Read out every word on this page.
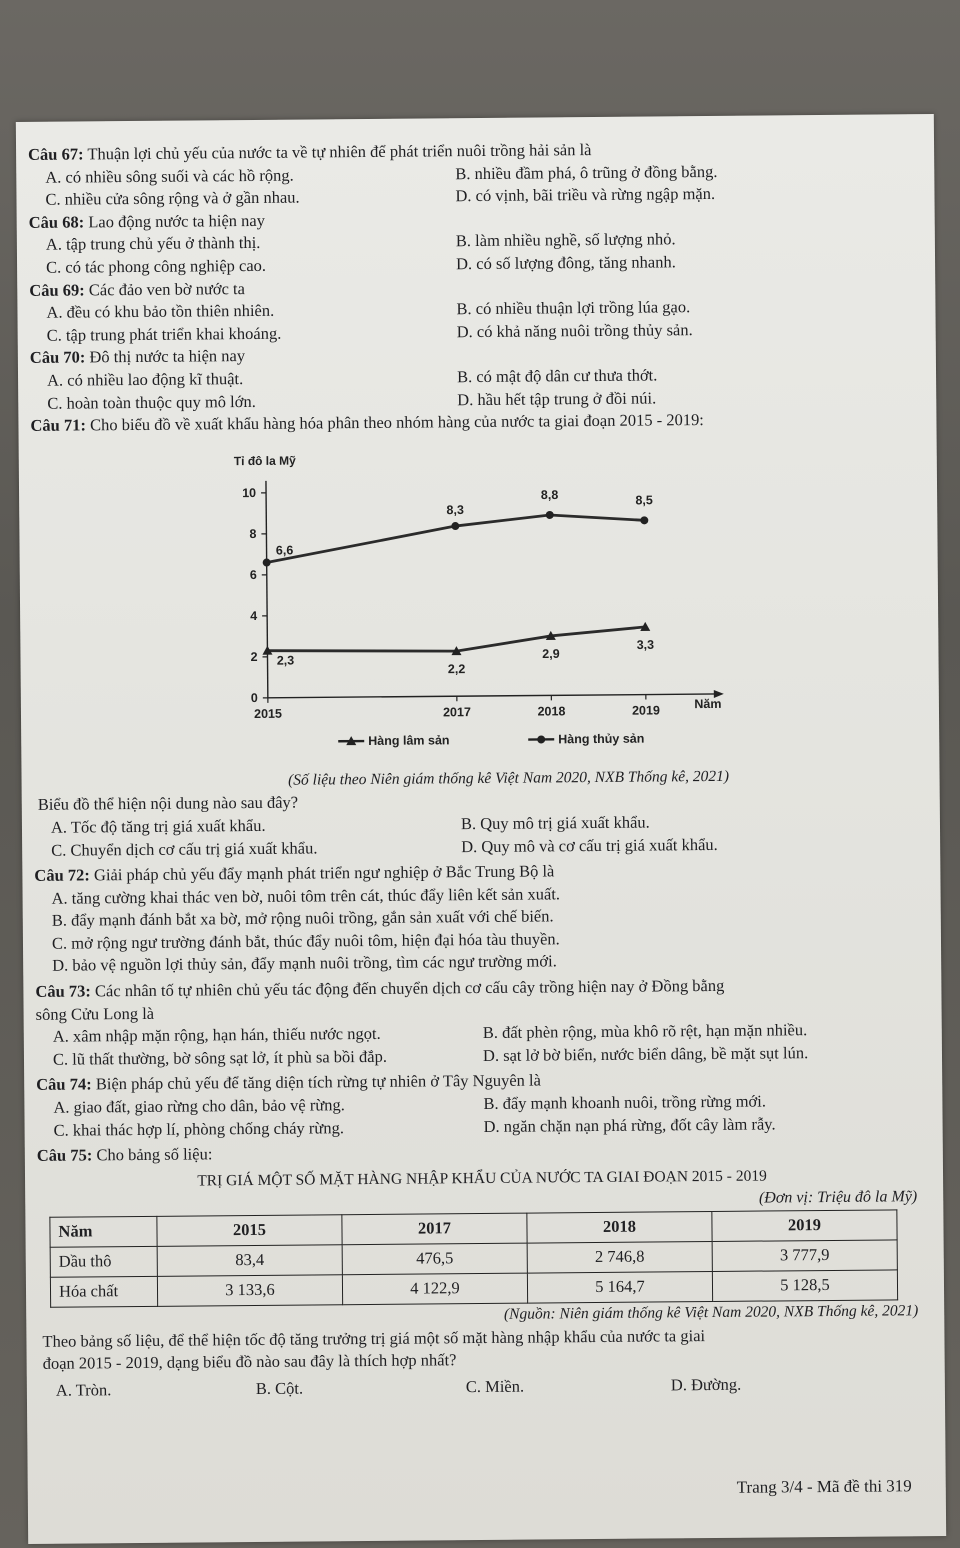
Câu 67: Thuận lợi chủ yếu của nước ta về tự nhiên để phát triển nuôi trồng hải sản là
A. có nhiều sông suối và các hồ rộng.	B. nhiều đầm phá, ô trũng ở đồng bằng.
C. nhiều cửa sông rộng và ở gần nhau.	D. có vịnh, bãi triều và rừng ngập mặn.
Câu 68: Lao động nước ta hiện nay
A. tập trung chủ yếu ở thành thị.	B. làm nhiều nghề, số lượng nhỏ.
C. có tác phong công nghiệp cao.	D. có số lượng đông, tăng nhanh.
Câu 69: Các đảo ven bờ nước ta
A. đều có khu bảo tồn thiên nhiên.	B. có nhiều thuận lợi trồng lúa gạo.
C. tập trung phát triển khai khoáng.	D. có khả năng nuôi trồng thủy sản.
Câu 70: Đô thị nước ta hiện nay
A. có nhiều lao động kĩ thuật.	B. có mật độ dân cư thưa thớt.
C. hoàn toàn thuộc quy mô lớn.	D. hầu hết tập trung ở đồi núi.
Câu 71: Cho biểu đồ về xuất khẩu hàng hóa phân theo nhóm hàng của nước ta giai đoạn 2015 - 2019:
Tỉ đô la Mỹ
0
2
4
6
8
10
2015	2017	2018	2019	Năm
2,3
2,2
2,9
3,3
6,6
8,3
8,8	8,5
Hàng lâm sản	Hàng thủy sản
(Số liệu theo Niên giám thống kê Việt Nam 2020, NXB Thống kê, 2021)
Biểu đồ thể hiện nội dung nào sau đây?
A. Tốc độ tăng trị giá xuất khẩu.	B. Quy mô trị giá xuất khẩu.
C. Chuyển dịch cơ cấu trị giá xuất khẩu.	D. Quy mô và cơ cấu trị giá xuất khẩu.
Câu 72: Giải pháp chủ yếu đẩy mạnh phát triển ngư nghiệp ở Bắc Trung Bộ là
A. tăng cường khai thác ven bờ, nuôi tôm trên cát, thúc đẩy liên kết sản xuất.
B. đẩy mạnh đánh bắt xa bờ, mở rộng nuôi trồng, gắn sản xuất với chế biến.
C. mở rộng ngư trường đánh bắt, thúc đẩy nuôi tôm, hiện đại hóa tàu thuyền.
D. bảo vệ nguồn lợi thủy sản, đẩy mạnh nuôi trồng, tìm các ngư trường mới.
Câu 73: Các nhân tố tự nhiên chủ yếu tác động đến chuyển dịch cơ cấu cây trồng hiện nay ở Đồng bằng
sông Cửu Long là
A. xâm nhập mặn rộng, hạn hán, thiếu nước ngọt.	B. đất phèn rộng, mùa khô rõ rệt, hạn mặn nhiều.
C. lũ thất thường, bờ sông sạt lở, ít phù sa bồi đắp.	D. sạt lở bờ biển, nước biển dâng, bề mặt sụt lún.
Câu 74: Biện pháp chủ yếu để tăng diện tích rừng tự nhiên ở Tây Nguyên là
A. giao đất, giao rừng cho dân, bảo vệ rừng.	B. đẩy mạnh khoanh nuôi, trồng rừng mới.
C. khai thác hợp lí, phòng chống cháy rừng.	D. ngăn chặn nạn phá rừng, đốt cây làm rẫy.
Câu 75: Cho bảng số liệu:
TRỊ GIÁ MỘT SỐ MẶT HÀNG NHẬP KHẨU CỦA NƯỚC TA GIAI ĐOẠN 2015 - 2019
(Đơn vị: Triệu đô la Mỹ)
Năm	2015	2017	2018	2019
Dầu thô	83,4	476,5	2 746,8	3 777,9
Hóa chất	3 133,6	4 122,9	5 164,7	5 128,5
(Nguồn: Niên giám thống kê Việt Nam 2020, NXB Thống kê, 2021)
Theo bảng số liệu, để thể hiện tốc độ tăng trưởng trị giá một số mặt hàng nhập khẩu của nước ta giai
đoạn 2015 - 2019, dạng biểu đồ nào sau đây là thích hợp nhất?
A. Tròn.	B. Cột.	C. Miền.	D. Đường.
Trang 3/4 - Mã đề thi 319
